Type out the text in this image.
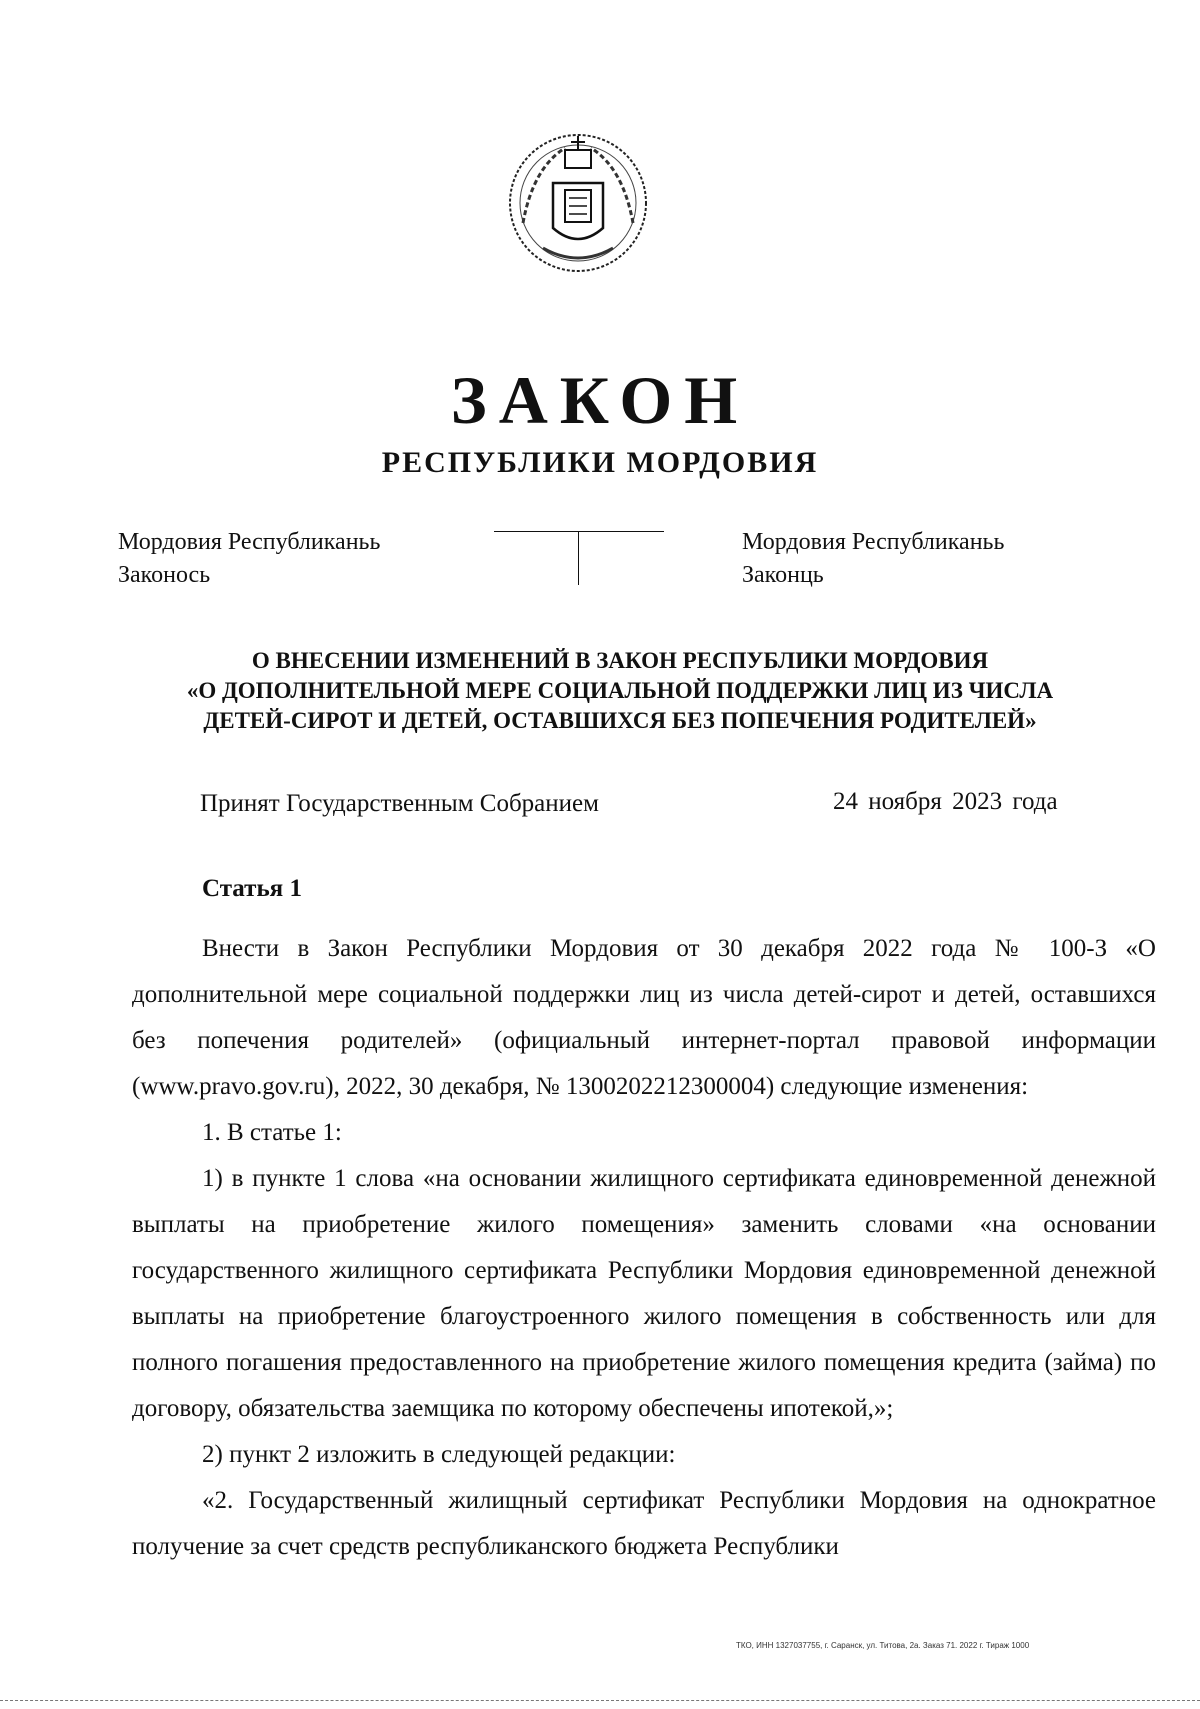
ЗАКОН
РЕСПУБЛИКИ МОРДОВИЯ
Мордовия Республиканьь
Законось
Мордовия Республиканьь
Законць
О ВНЕСЕНИИ ИЗМЕНЕНИЙ В ЗАКОН РЕСПУБЛИКИ МОРДОВИЯ
«О ДОПОЛНИТЕЛЬНОЙ МЕРЕ СОЦИАЛЬНОЙ ПОДДЕРЖКИ ЛИЦ ИЗ ЧИСЛА
ДЕТЕЙ-СИРОТ И ДЕТЕЙ, ОСТАВШИХСЯ БЕЗ ПОПЕЧЕНИЯ РОДИТЕЛЕЙ»
Принят Государственным Собранием	24 ноября 2023 года
Статья 1

Внести в Закон Республики Мордовия от 30 декабря 2022 года № 100-З «О дополнительной мере социальной поддержки лиц из числа детей-сирот и детей, оставшихся без попечения родителей» (официальный интернет-портал правовой информации (www.pravo.gov.ru), 2022, 30 декабря, № 1300202212300004) следующие изменения:

1. В статье 1:

1) в пункте 1 слова «на основании жилищного сертификата единовременной денежной выплаты на приобретение жилого помещения» заменить словами «на основании государственного жилищного сертификата Республики Мордовия единовременной денежной выплаты на приобретение благоустроенного жилого помещения в собственность или для полного погашения предоставленного на приобретение жилого помещения кредита (займа) по договору, обязательства заемщика по которому обеспечены ипотекой,»;

2) пункт 2 изложить в следующей редакции:

«2. Государственный жилищный сертификат Республики Мордовия на однократное получение за счет средств республиканского бюджета Республики

ТКО, ИНН 1327037755, г. Саранск, ул. Титова, 2а. Заказ 71. 2022 г. Тираж 1000
